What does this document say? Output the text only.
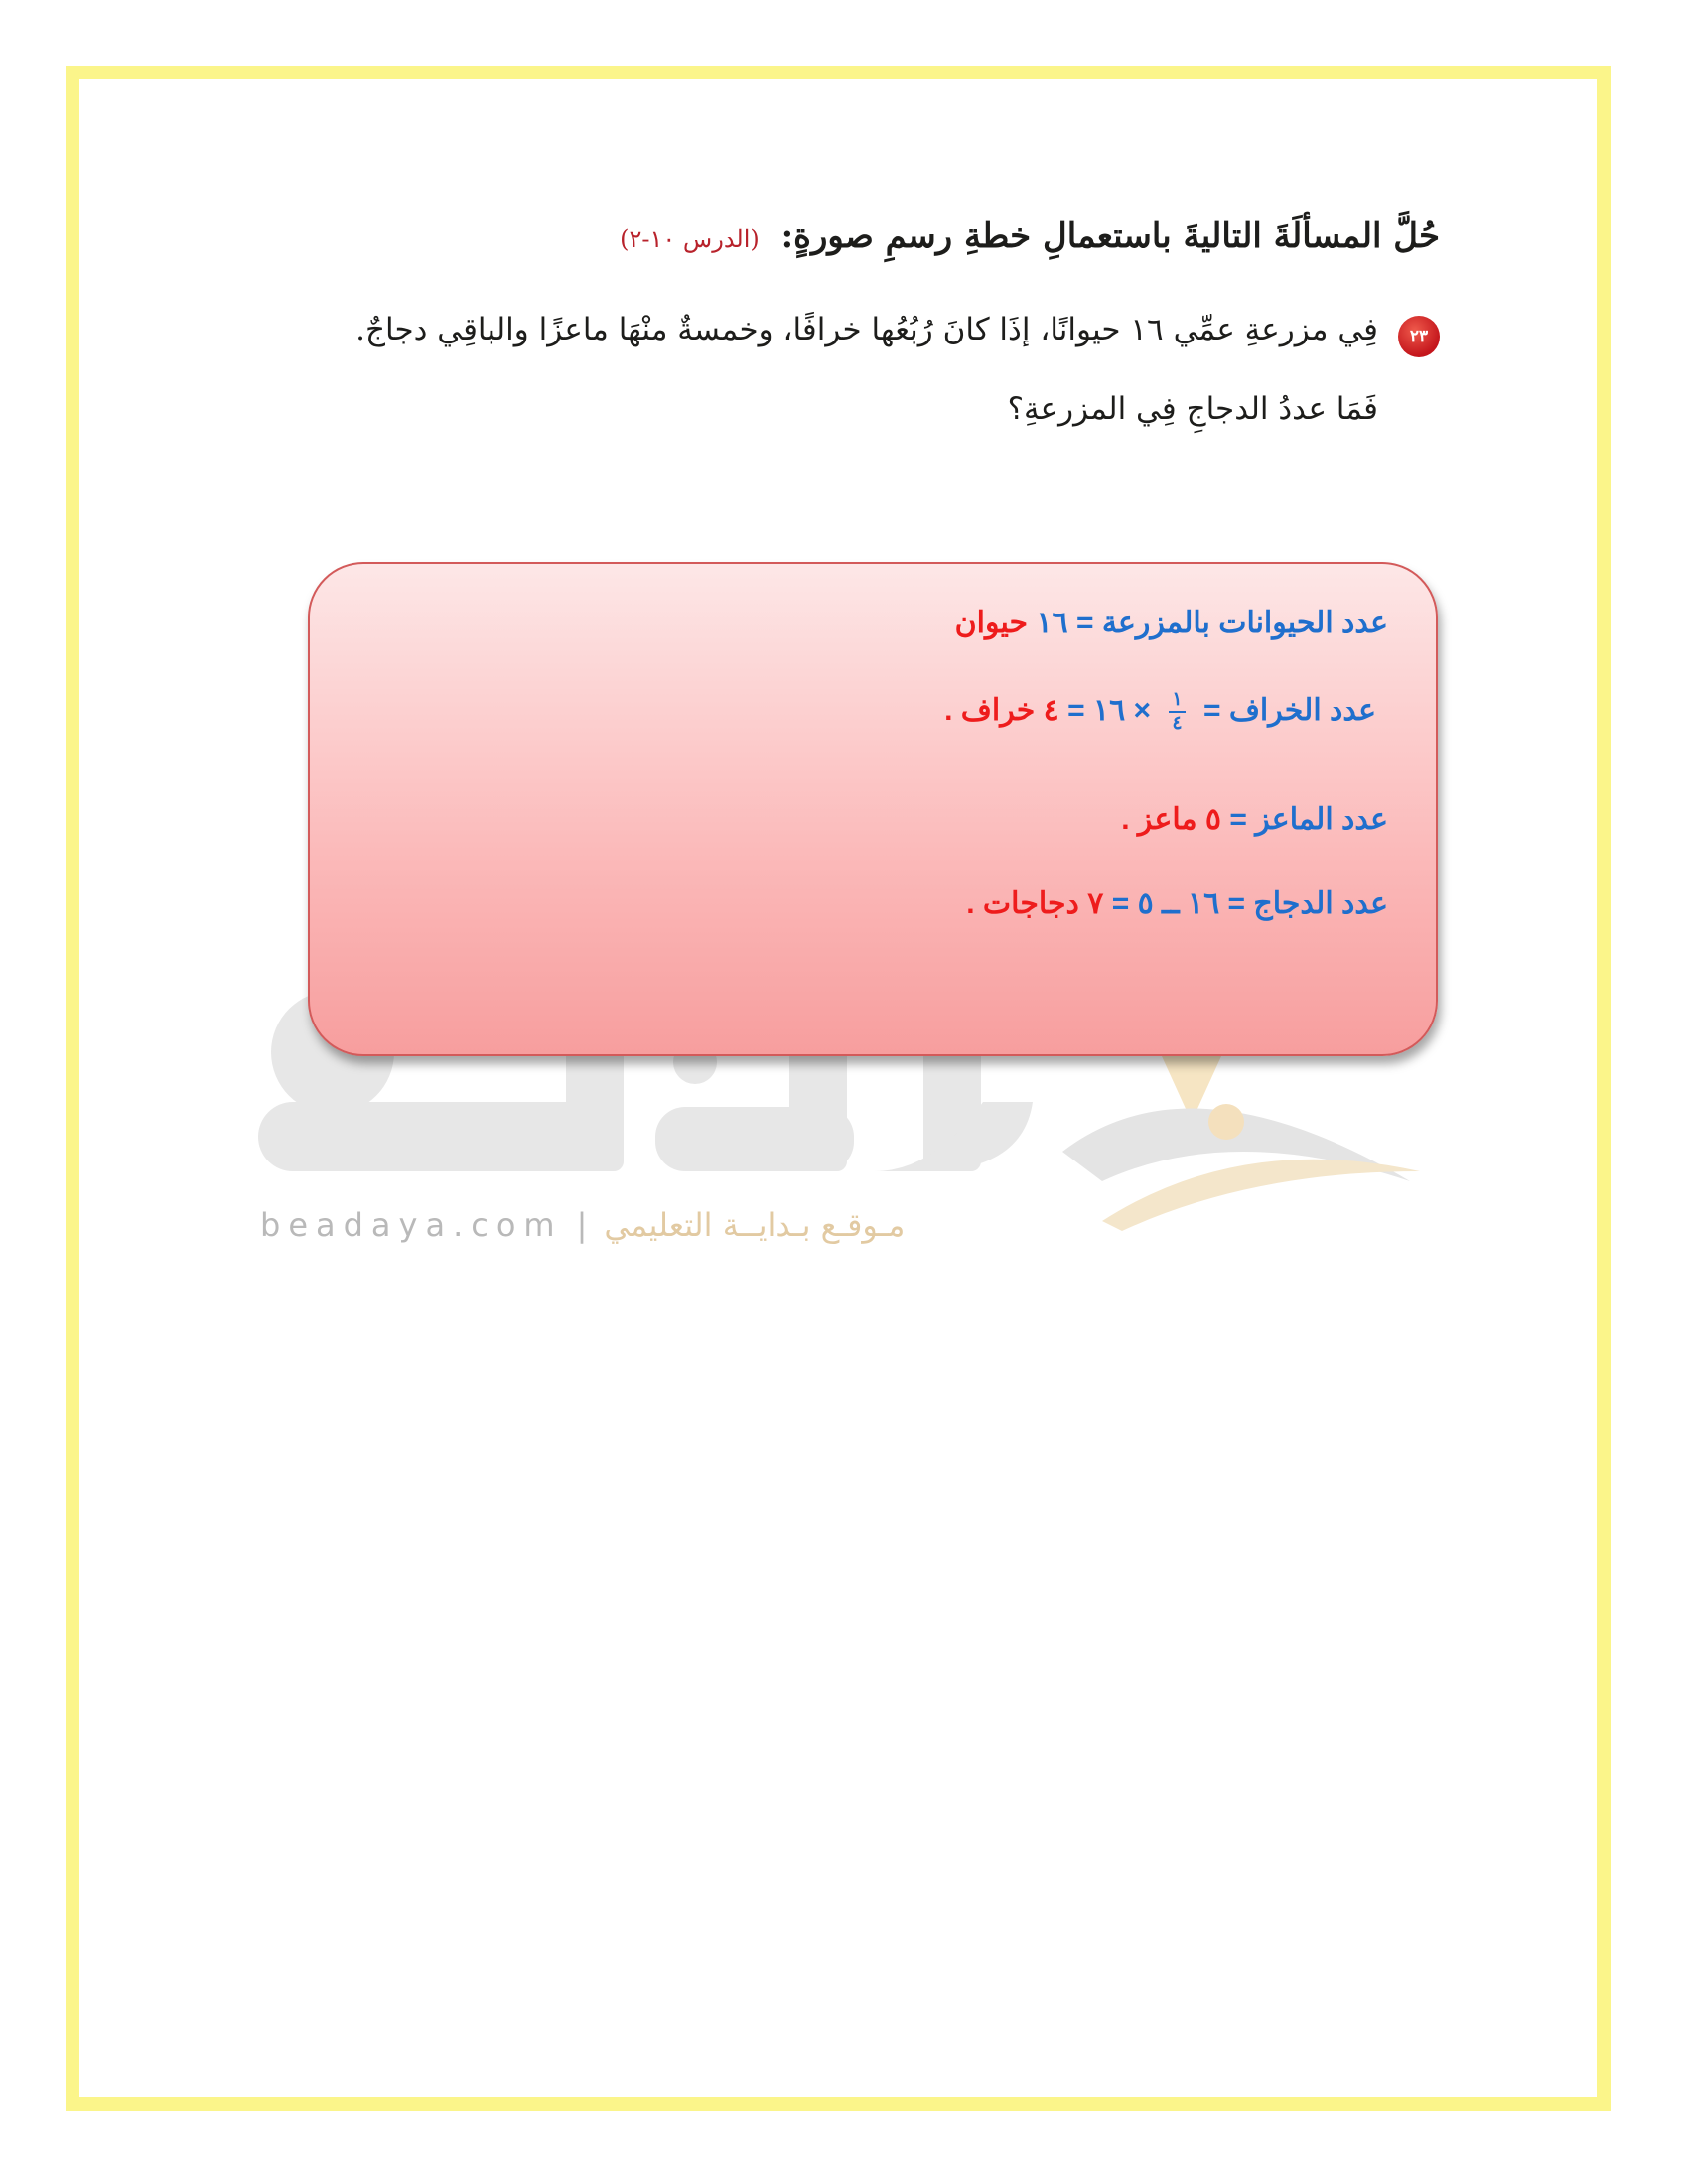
beadaya.com | مـوقـع بـدايــة التعليمي
حُلَّ المسألَةَ التاليةَ باستعمالِ خطةِ رسمِ صورةٍ: (الدرس ١٠-٢)
٢٣
فِي مزرعةِ عمِّي ١٦ حيوانًا، إذَا كانَ رُبُعُها خرافًا، وخمسةٌ منْهَا ماعزًا والباقِي دجاجٌ.
فَمَا عددُ الدجاجِ فِي المزرعةِ؟
عدد الحيوانات بالمزرعة = ١٦ حيوان
عدد الخراف =
$\frac{١}{٤}$
× ١٦ = ٤ خراف .
عدد الماعز = ٥ ماعز .
عدد الدجاج = ١٦ ــ ٥ = ٧ دجاجات .
